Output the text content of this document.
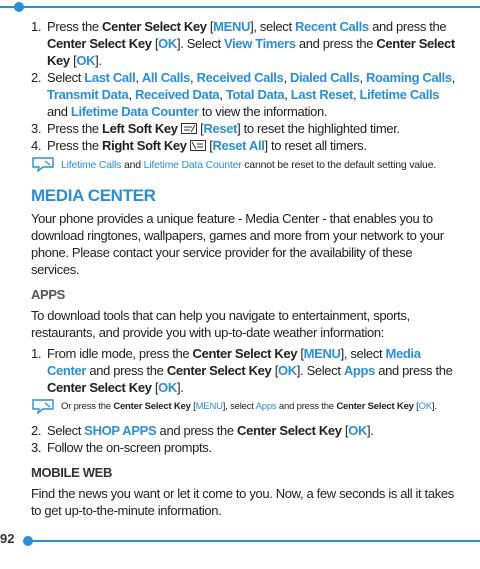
1. Press the Center Select Key [MENU], select Recent Calls and press the Center Select Key [OK]. Select View Timers and press the Center Select Key [OK].
2. Select Last Call, All Calls, Received Calls, Dialed Calls, Roaming Calls, Transmit Data, Received Data, Total Data, Last Reset, Lifetime Calls and Lifetime Data Counter to view the information.
3. Press the Left Soft Key  [Reset] to reset the highlighted timer.
4. Press the Right Soft Key  [Reset All] to reset all timers.
Lifetime Calls and Lifetime Data Counter cannot be reset to the default setting value.
MEDIA CENTER

Your phone provides a unique feature - Media Center - that enables you to download ringtones, wallpapers, games and more from your network to your phone. Please contact your service provider for the availability of these services.

APPS

To download tools that can help you navigate to entertainment, sports, restaurants, and provide you with up-to-date weather information:

1. From idle mode, press the Center Select Key [MENU], select Media Center and press the Center Select Key [OK]. Select Apps and press the Center Select Key [OK].
Or press the Center Select Key [MENU], select Apps and press the Center Select Key [OK].
2. Select SHOP APPS and press the Center Select Key [OK].
3. Follow the on-screen prompts.
MOBILE WEB

Find the news you want or let it come to you. Now, a few seconds is all it takes to get up-to-the-minute information.

92
